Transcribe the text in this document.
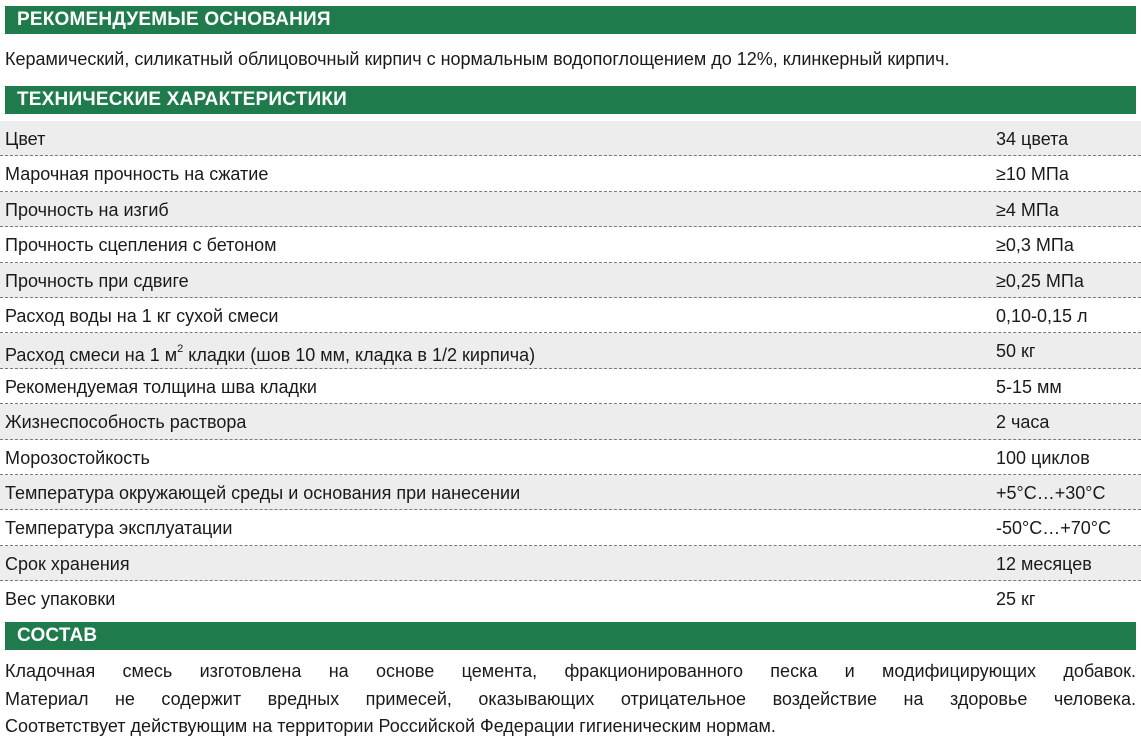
РЕКОМЕНДУЕМЫЕ ОСНОВАНИЯ
Керамический, силикатный облицовочный кирпич с нормальным водопоглощением до 12%, клинкерный кирпич.
ТЕХНИЧЕСКИЕ ХАРАКТЕРИСТИКИ
Цвет	34 цвета
Марочная прочность на сжатие	≥10 МПа
Прочность на изгиб	≥4 МПа
Прочность сцепления с бетоном	≥0,3 МПа
Прочность при сдвиге	≥0,25 МПа
Расход воды на 1 кг сухой смеси	0,10-0,15 л
Расход смеси на 1 $м^2$ кладки (шов 10 мм, кладка в 1/2 кирпича)	50 кг
Рекомендуемая толщина шва кладки	5-15 мм
Жизнеспособность раствора	2 часа
Морозостойкость	100 циклов
Температура окружающей среды и основания при нанесении	+5°C…+30°C
Температура эксплуатации	-50°C…+70°C
Срок хранения	12 месяцев
Вес упаковки	25 кг
СОСТАВ

Кладочная смесь изготовлена на основе цемента, фракционированного песка и модифицирующих добавок.

Материал не содержит вредных примесей, оказывающих отрицательное воздействие на здоровье человека.

Соответствует действующим на территории Российской Федерации гигиеническим нормам.
